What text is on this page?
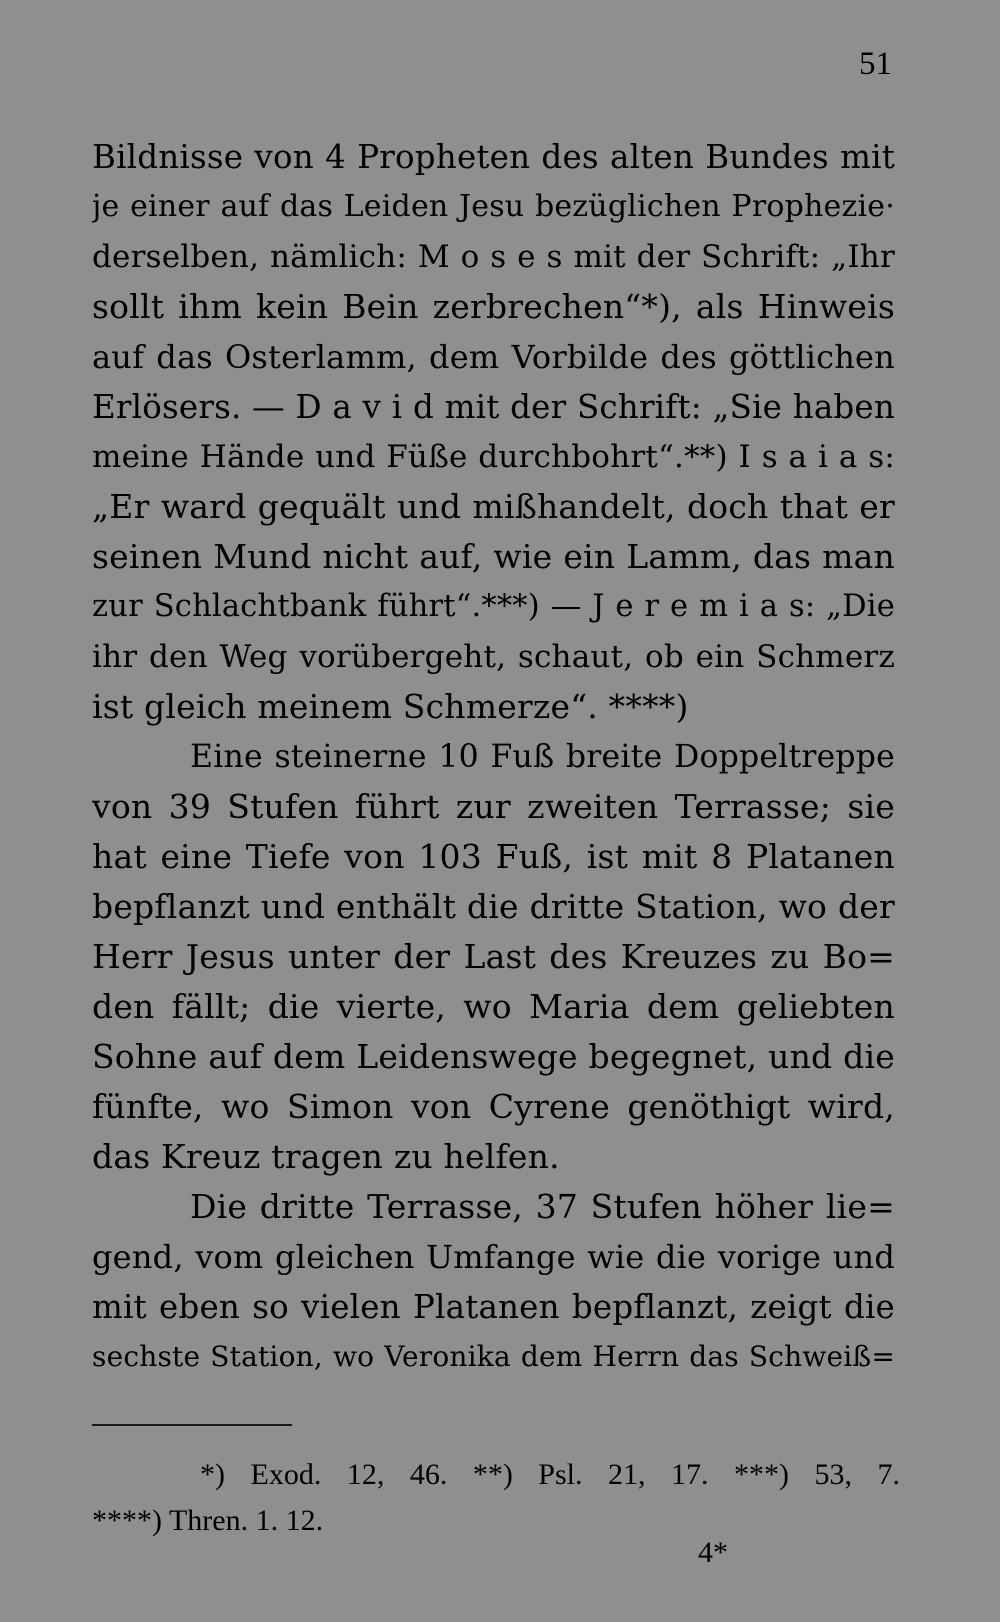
51
Bildnisse von 4 Propheten des alten Bundes mit
je einer auf das Leiden Jesu bezüglichen Prophezie·
derselben, nämlich: M o s e s mit der Schrift: „Ihr
sollt ihm kein Bein zerbrechen“*), als Hinweis
auf das Osterlamm, dem Vorbilde des göttlichen
Erlösers. — D a v i d mit der Schrift: „Sie haben
meine Hände und Füße durchbohrt“.**) I s a i a s:
„Er ward gequält und mißhandelt, doch that er
seinen Mund nicht auf, wie ein Lamm, das man
zur Schlachtbank führt“.***) — J e r e m i a s: „Die
ihr den Weg vorübergeht, schaut, ob ein Schmerz
ist gleich meinem Schmerze“. ****)
Eine steinerne 10 Fuß breite Doppeltreppe
von 39 Stufen führt zur zweiten Terrasse; sie
hat eine Tiefe von 103 Fuß, ist mit 8 Platanen
bepflanzt und enthält die dritte Station, wo der
Herr Jesus unter der Last des Kreuzes zu Bo=
den fällt; die vierte, wo Maria dem geliebten
Sohne auf dem Leidenswege begegnet, und die
fünfte, wo Simon von Cyrene genöthigt wird,
das Kreuz tragen zu helfen.
Die dritte Terrasse, 37 Stufen höher lie=
gend, vom gleichen Umfange wie die vorige und
mit eben so vielen Platanen bepflanzt, zeigt die
sechste Station, wo Veronika dem Herrn das Schweiß=
*) Exod. 12, 46. **) Psl. 21, 17. ***) 53, 7.
****) Thren. 1. 12.
4*
